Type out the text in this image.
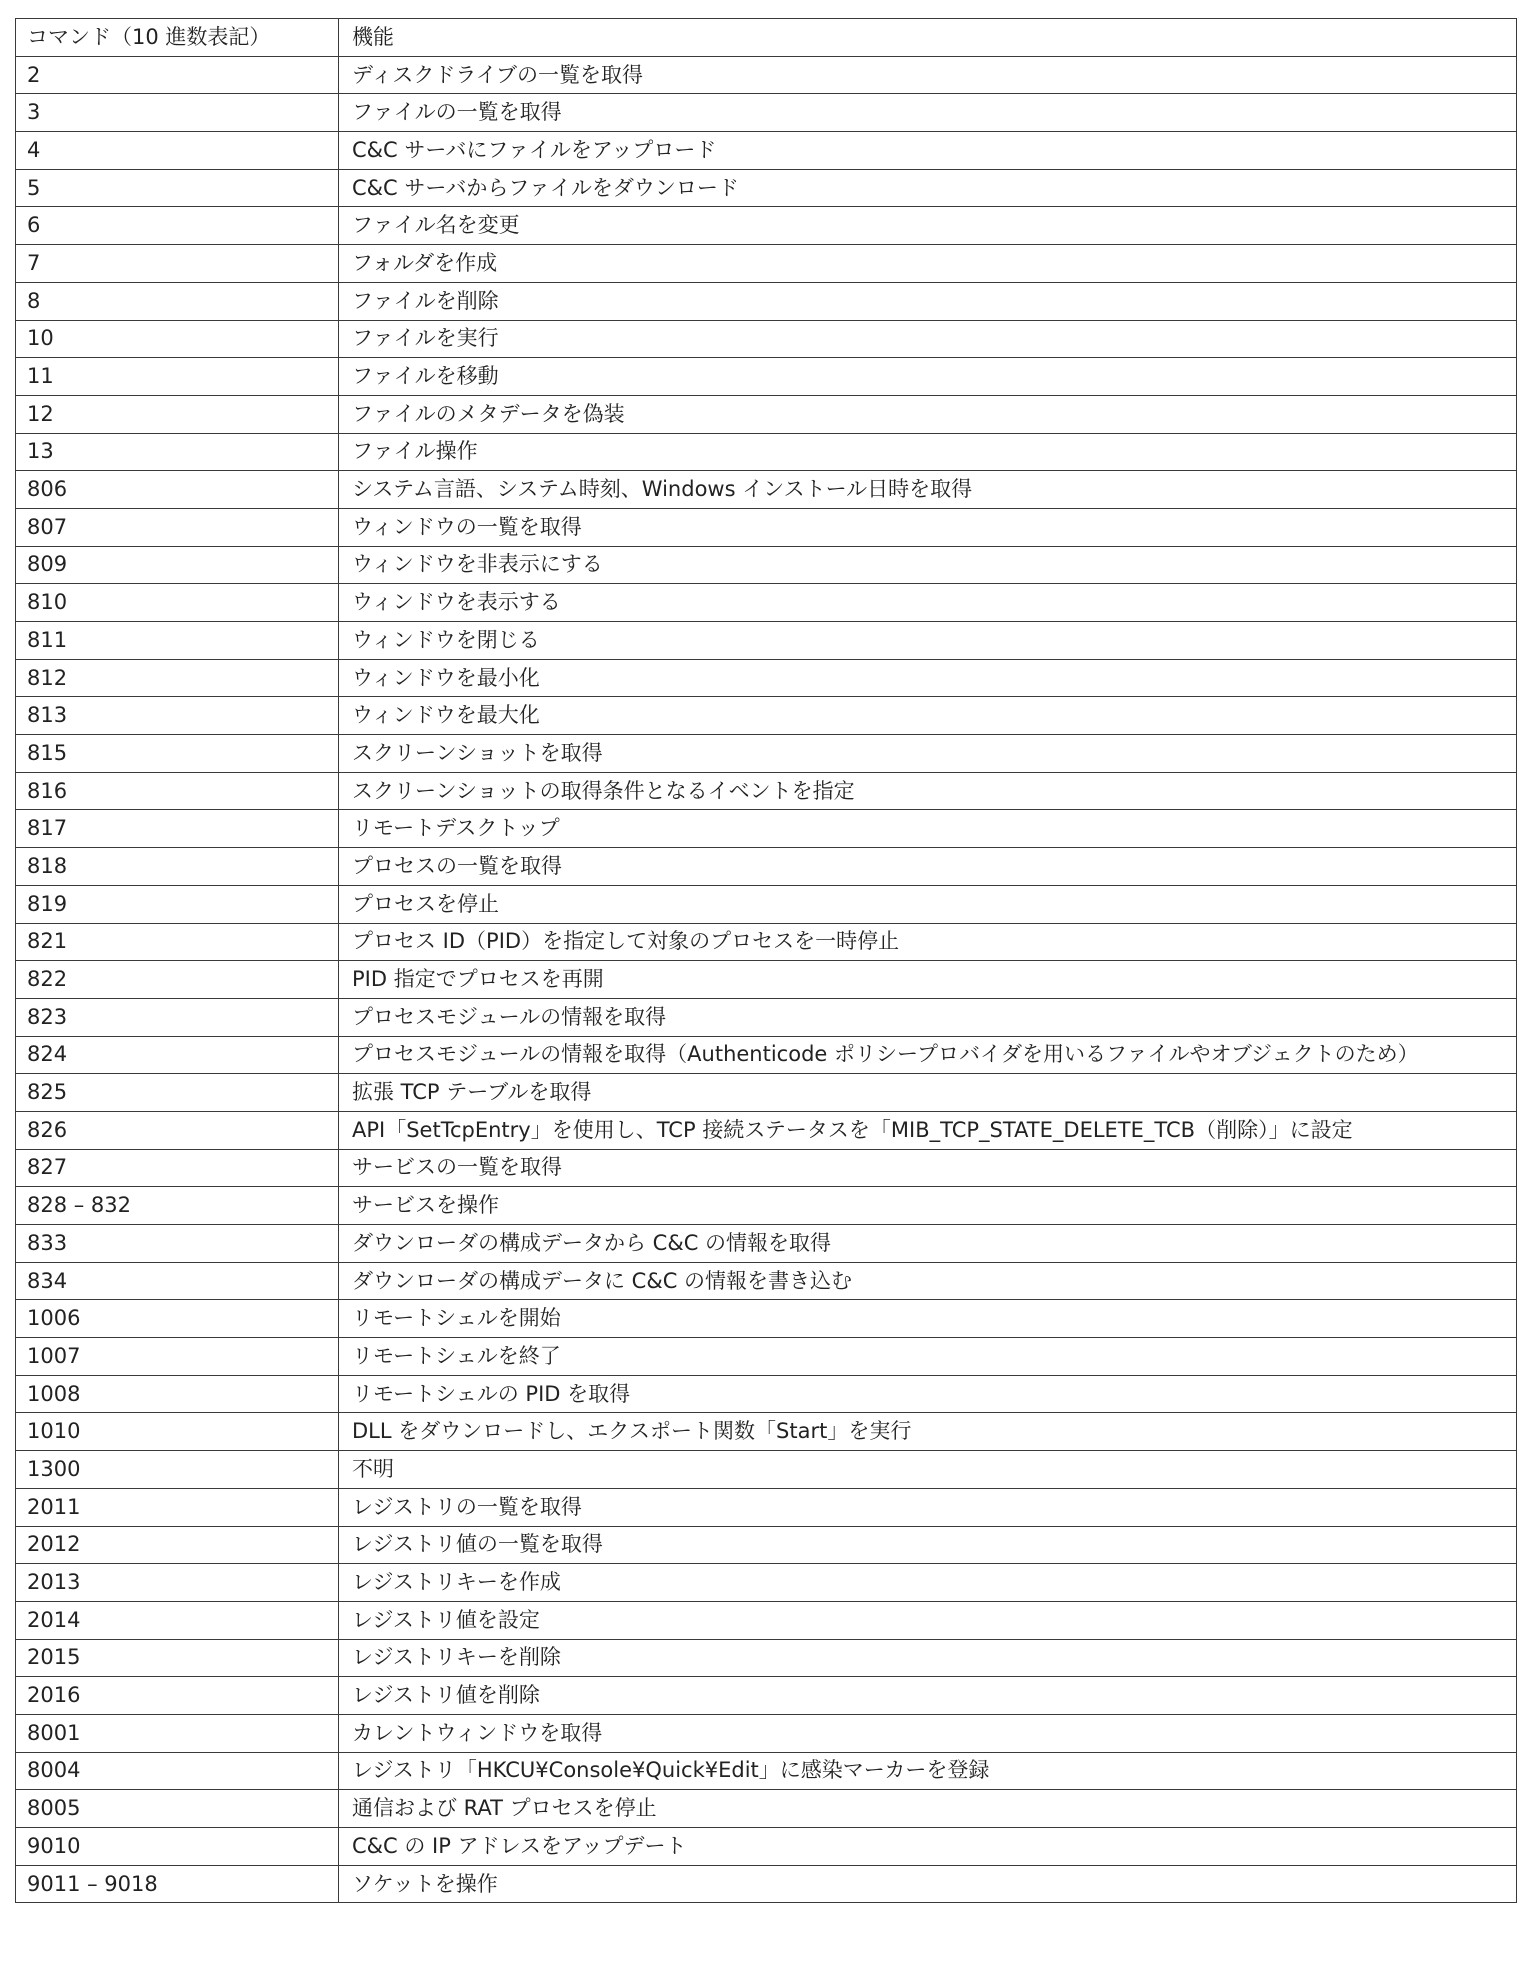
コマンド（10 進数表記）	機能
2	ディスクドライブの一覧を取得
3	ファイルの一覧を取得
4	C&C サーバにファイルをアップロード
5	C&C サーバからファイルをダウンロード
6	ファイル名を変更
7	フォルダを作成
8	ファイルを削除
10	ファイルを実行
11	ファイルを移動
12	ファイルのメタデータを偽装
13	ファイル操作
806	システム言語、システム時刻、Windows インストール日時を取得
807	ウィンドウの一覧を取得
809	ウィンドウを非表示にする
810	ウィンドウを表示する
811	ウィンドウを閉じる
812	ウィンドウを最小化
813	ウィンドウを最大化
815	スクリーンショットを取得
816	スクリーンショットの取得条件となるイベントを指定
817	リモートデスクトップ
818	プロセスの一覧を取得
819	プロセスを停止
821	プロセス ID（PID）を指定して対象のプロセスを一時停止
822	PID 指定でプロセスを再開
823	プロセスモジュールの情報を取得
824	プロセスモジュールの情報を取得（Authenticode ポリシープロバイダを用いるファイルやオブジェクトのため）
825	拡張 TCP テーブルを取得
826	API「SetTcpEntry」を使用し、TCP 接続ステータスを「MIB_TCP_STATE_DELETE_TCB（削除）」に設定
827	サービスの一覧を取得
828 – 832	サービスを操作
833	ダウンローダの構成データから C&C の情報を取得
834	ダウンローダの構成データに C&C の情報を書き込む
1006	リモートシェルを開始
1007	リモートシェルを終了
1008	リモートシェルの PID を取得
1010	DLL をダウンロードし、エクスポート関数「Start」を実行
1300	不明
2011	レジストリの一覧を取得
2012	レジストリ値の一覧を取得
2013	レジストリキーを作成
2014	レジストリ値を設定
2015	レジストリキーを削除
2016	レジストリ値を削除
8001	カレントウィンドウを取得
8004	レジストリ「HKCU¥Console¥Quick¥Edit」に感染マーカーを登録
8005	通信および RAT プロセスを停止
9010	C&C の IP アドレスをアップデート
9011 – 9018	ソケットを操作
